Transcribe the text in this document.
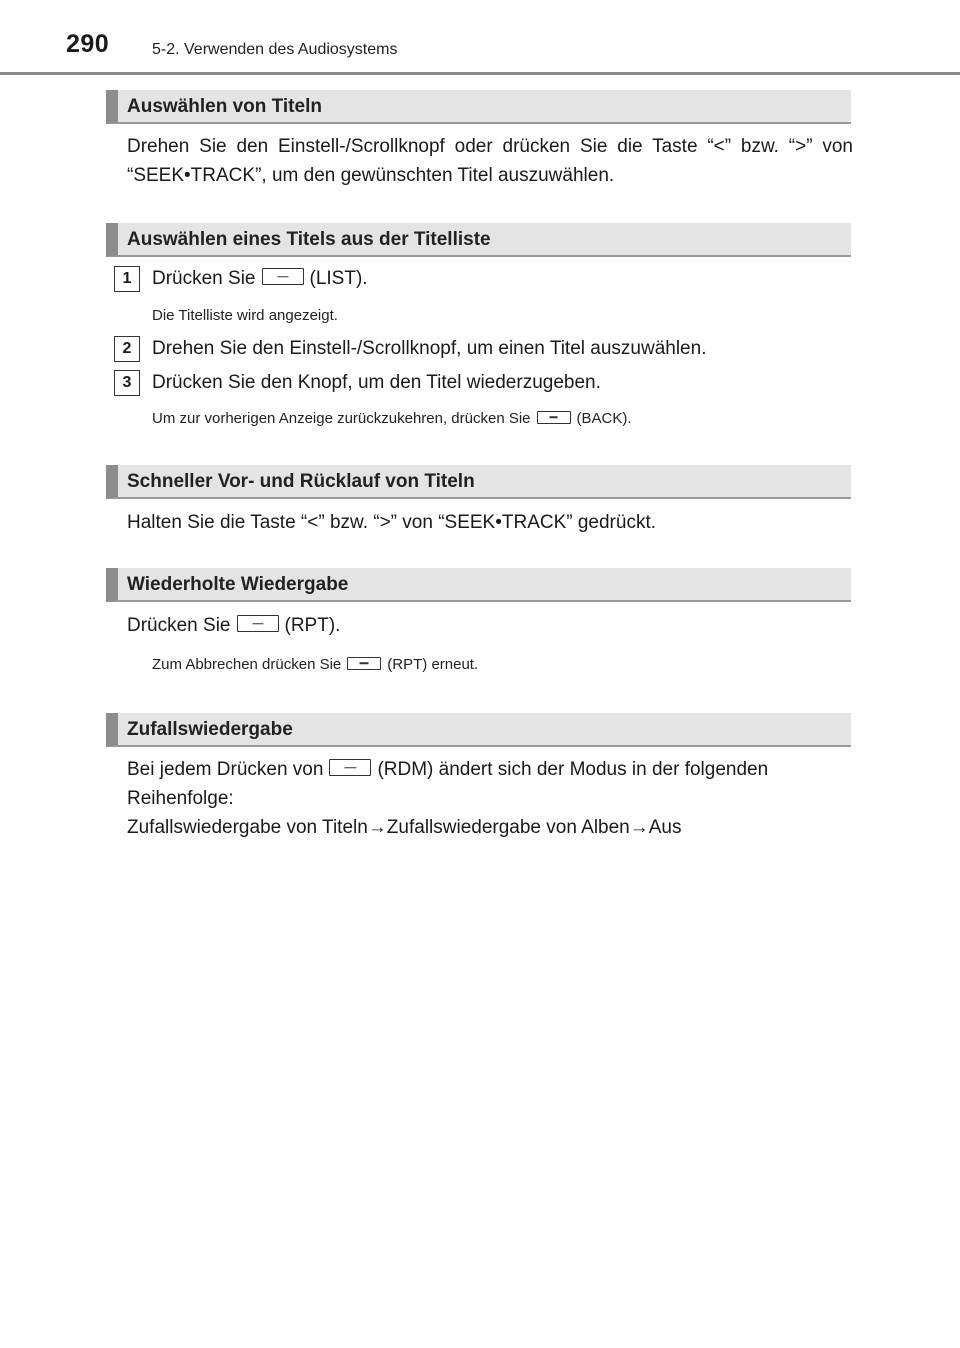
290	5-2. Verwenden des Audiosystems
Auswählen von Titeln
Drehen Sie den Einstell-/Scrollknopf oder drücken Sie die Taste “<” bzw. “>” von “SEEK•TRACK”, um den gewünschten Titel auszuwählen.
Auswählen eines Titels aus der Titelliste
1	Drücken Sie	(LIST).
Die Titelliste wird angezeigt.
2	Drehen Sie den Einstell-/Scrollknopf, um einen Titel auszuwählen.
3	Drücken Sie den Knopf, um den Titel wiederzugeben.
Um zur vorherigen Anzeige zurückzukehren, drücken Sie	(BACK).
Schneller Vor- und Rücklauf von Titeln
Halten Sie die Taste “<” bzw. “>” von “SEEK•TRACK” gedrückt.
Wiederholte Wiedergabe
Drücken Sie	(RPT).
Zum Abbrechen drücken Sie	(RPT) erneut.
Zufallswiedergabe
Bei jedem Drücken von	(RDM) ändert sich der Modus in der folgenden Reihenfolge:
Zufallswiedergabe von Titeln→Zufallswiedergabe von Alben→Aus
